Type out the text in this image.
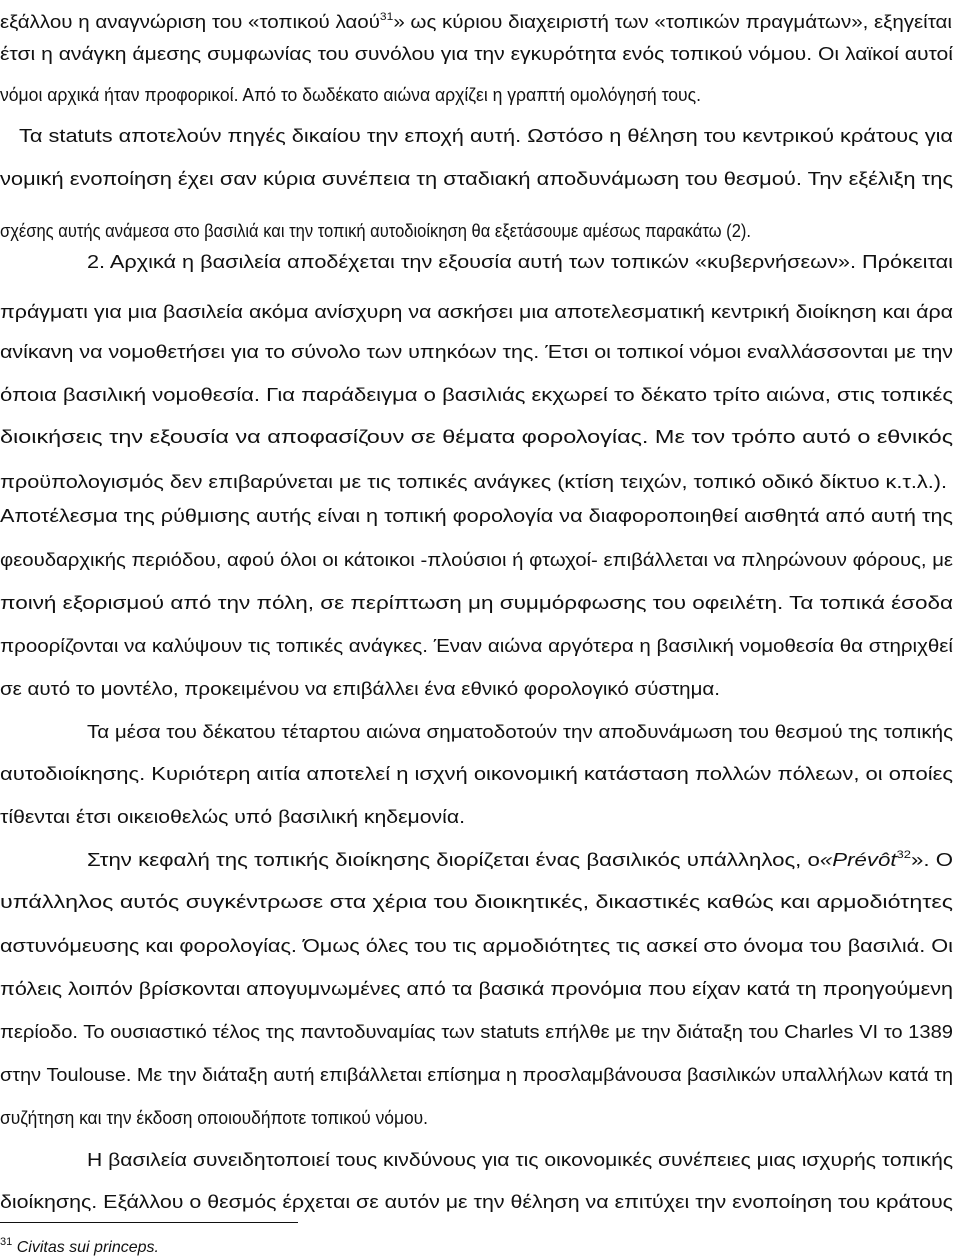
εξάλλου η αναγνώριση του «τοπικού λαού$^{31}$» ως κύριου διαχειριστή των «τοπικών πραγμάτων», εξηγείται
έτσι η ανάγκη άμεσης συμφωνίας του συνόλου για την εγκυρότητα ενός τοπικού νόμου. Οι λαϊκοί αυτοί
νόμοι αρχικά ήταν προφορικοί. Από το δωδέκατο αιώνα αρχίζει η γραπτή ομολόγησή τους.
Τα statuts αποτελούν πηγές δικαίου την εποχή αυτή. Ωστόσο η θέληση του κεντρικού κράτους για
νομική ενοποίηση έχει σαν κύρια συνέπεια τη σταδιακή αποδυνάμωση του θεσμού. Την εξέλιξη της
σχέσης αυτής ανάμεσα στο βασιλιά και την τοπική αυτοδιοίκηση θα εξετάσουμε αμέσως παρακάτω (2).
2. Αρχικά η βασιλεία αποδέχεται την εξουσία αυτή των τοπικών «κυβερνήσεων». Πρόκειται
πράγματι για μια βασιλεία ακόμα ανίσχυρη να ασκήσει μια αποτελεσματική κεντρική διοίκηση και άρα
ανίκανη να νομοθετήσει για το σύνολο των υπηκόων της. Έτσι οι τοπικοί νόμοι εναλλάσσονται με την
όποια βασιλική νομοθεσία. Για παράδειγμα ο βασιλιάς εκχωρεί το δέκατο τρίτο αιώνα, στις τοπικές
διοικήσεις την εξουσία να αποφασίζουν σε θέματα φορολογίας. Με τον τρόπο αυτό ο εθνικός
προϋπολογισμός δεν επιβαρύνεται με τις τοπικές ανάγκες (κτίση τειχών, τοπικό οδικό δίκτυο κ.τ.λ.).
Αποτέλεσμα της ρύθμισης αυτής είναι η τοπική φορολογία να διαφοροποιηθεί αισθητά από αυτή της
φεουδαρχικής περιόδου, αφού όλοι οι κάτοικοι -πλούσιοι ή φτωχοί- επιβάλλεται να πληρώνουν φόρους, με
ποινή εξορισμού από την πόλη, σε περίπτωση μη συμμόρφωσης του οφειλέτη. Τα τοπικά έσοδα
προορίζονται να καλύψουν τις τοπικές ανάγκες. Έναν αιώνα αργότερα η βασιλική νομοθεσία θα στηριχθεί
σε αυτό το μοντέλο, προκειμένου να επιβάλλει ένα εθνικό φορολογικό σύστημα.
Τα μέσα του δέκατου τέταρτου αιώνα σηματοδοτούν την αποδυνάμωση του θεσμού της τοπικής
αυτοδιοίκησης. Κυριότερη αιτία αποτελεί η ισχνή οικονομική κατάσταση πολλών πόλεων, οι οποίες
τίθενται έτσι οικειοθελώς υπό βασιλική κηδεμονία.
Στην κεφαλή της τοπικής διοίκησης διορίζεται ένας βασιλικός υπάλληλος, ο«Prévôt$^{32}$». Ο
υπάλληλος αυτός συγκέντρωσε στα χέρια του διοικητικές, δικαστικές καθώς και αρμοδιότητες
αστυνόμευσης και φορολογίας. Όμως όλες του τις αρμοδιότητες τις ασκεί στο όνομα του βασιλιά. Οι
πόλεις λοιπόν βρίσκονται απογυμνωμένες από τα βασικά προνόμια που είχαν κατά τη προηγούμενη
περίοδο. Το ουσιαστικό τέλος της παντοδυναμίας των statuts επήλθε με την διάταξη του Charles VI το 1389
στην Toulouse. Με την διάταξη αυτή επιβάλλεται επίσημα η προσλαμβάνουσα βασιλικών υπαλλήλων κατά τη
συζήτηση και την έκδοση οποιουδήποτε τοπικού νόμου.
Η βασιλεία συνειδητοποιεί τους κινδύνους για τις οικονομικές συνέπειες μιας ισχυρής τοπικής
διοίκησης. Εξάλλου ο θεσμός έρχεται σε αυτόν με την θέληση να επιτύχει την ενοποίηση του κράτους
$^{31}$ Civitas sui princeps.
